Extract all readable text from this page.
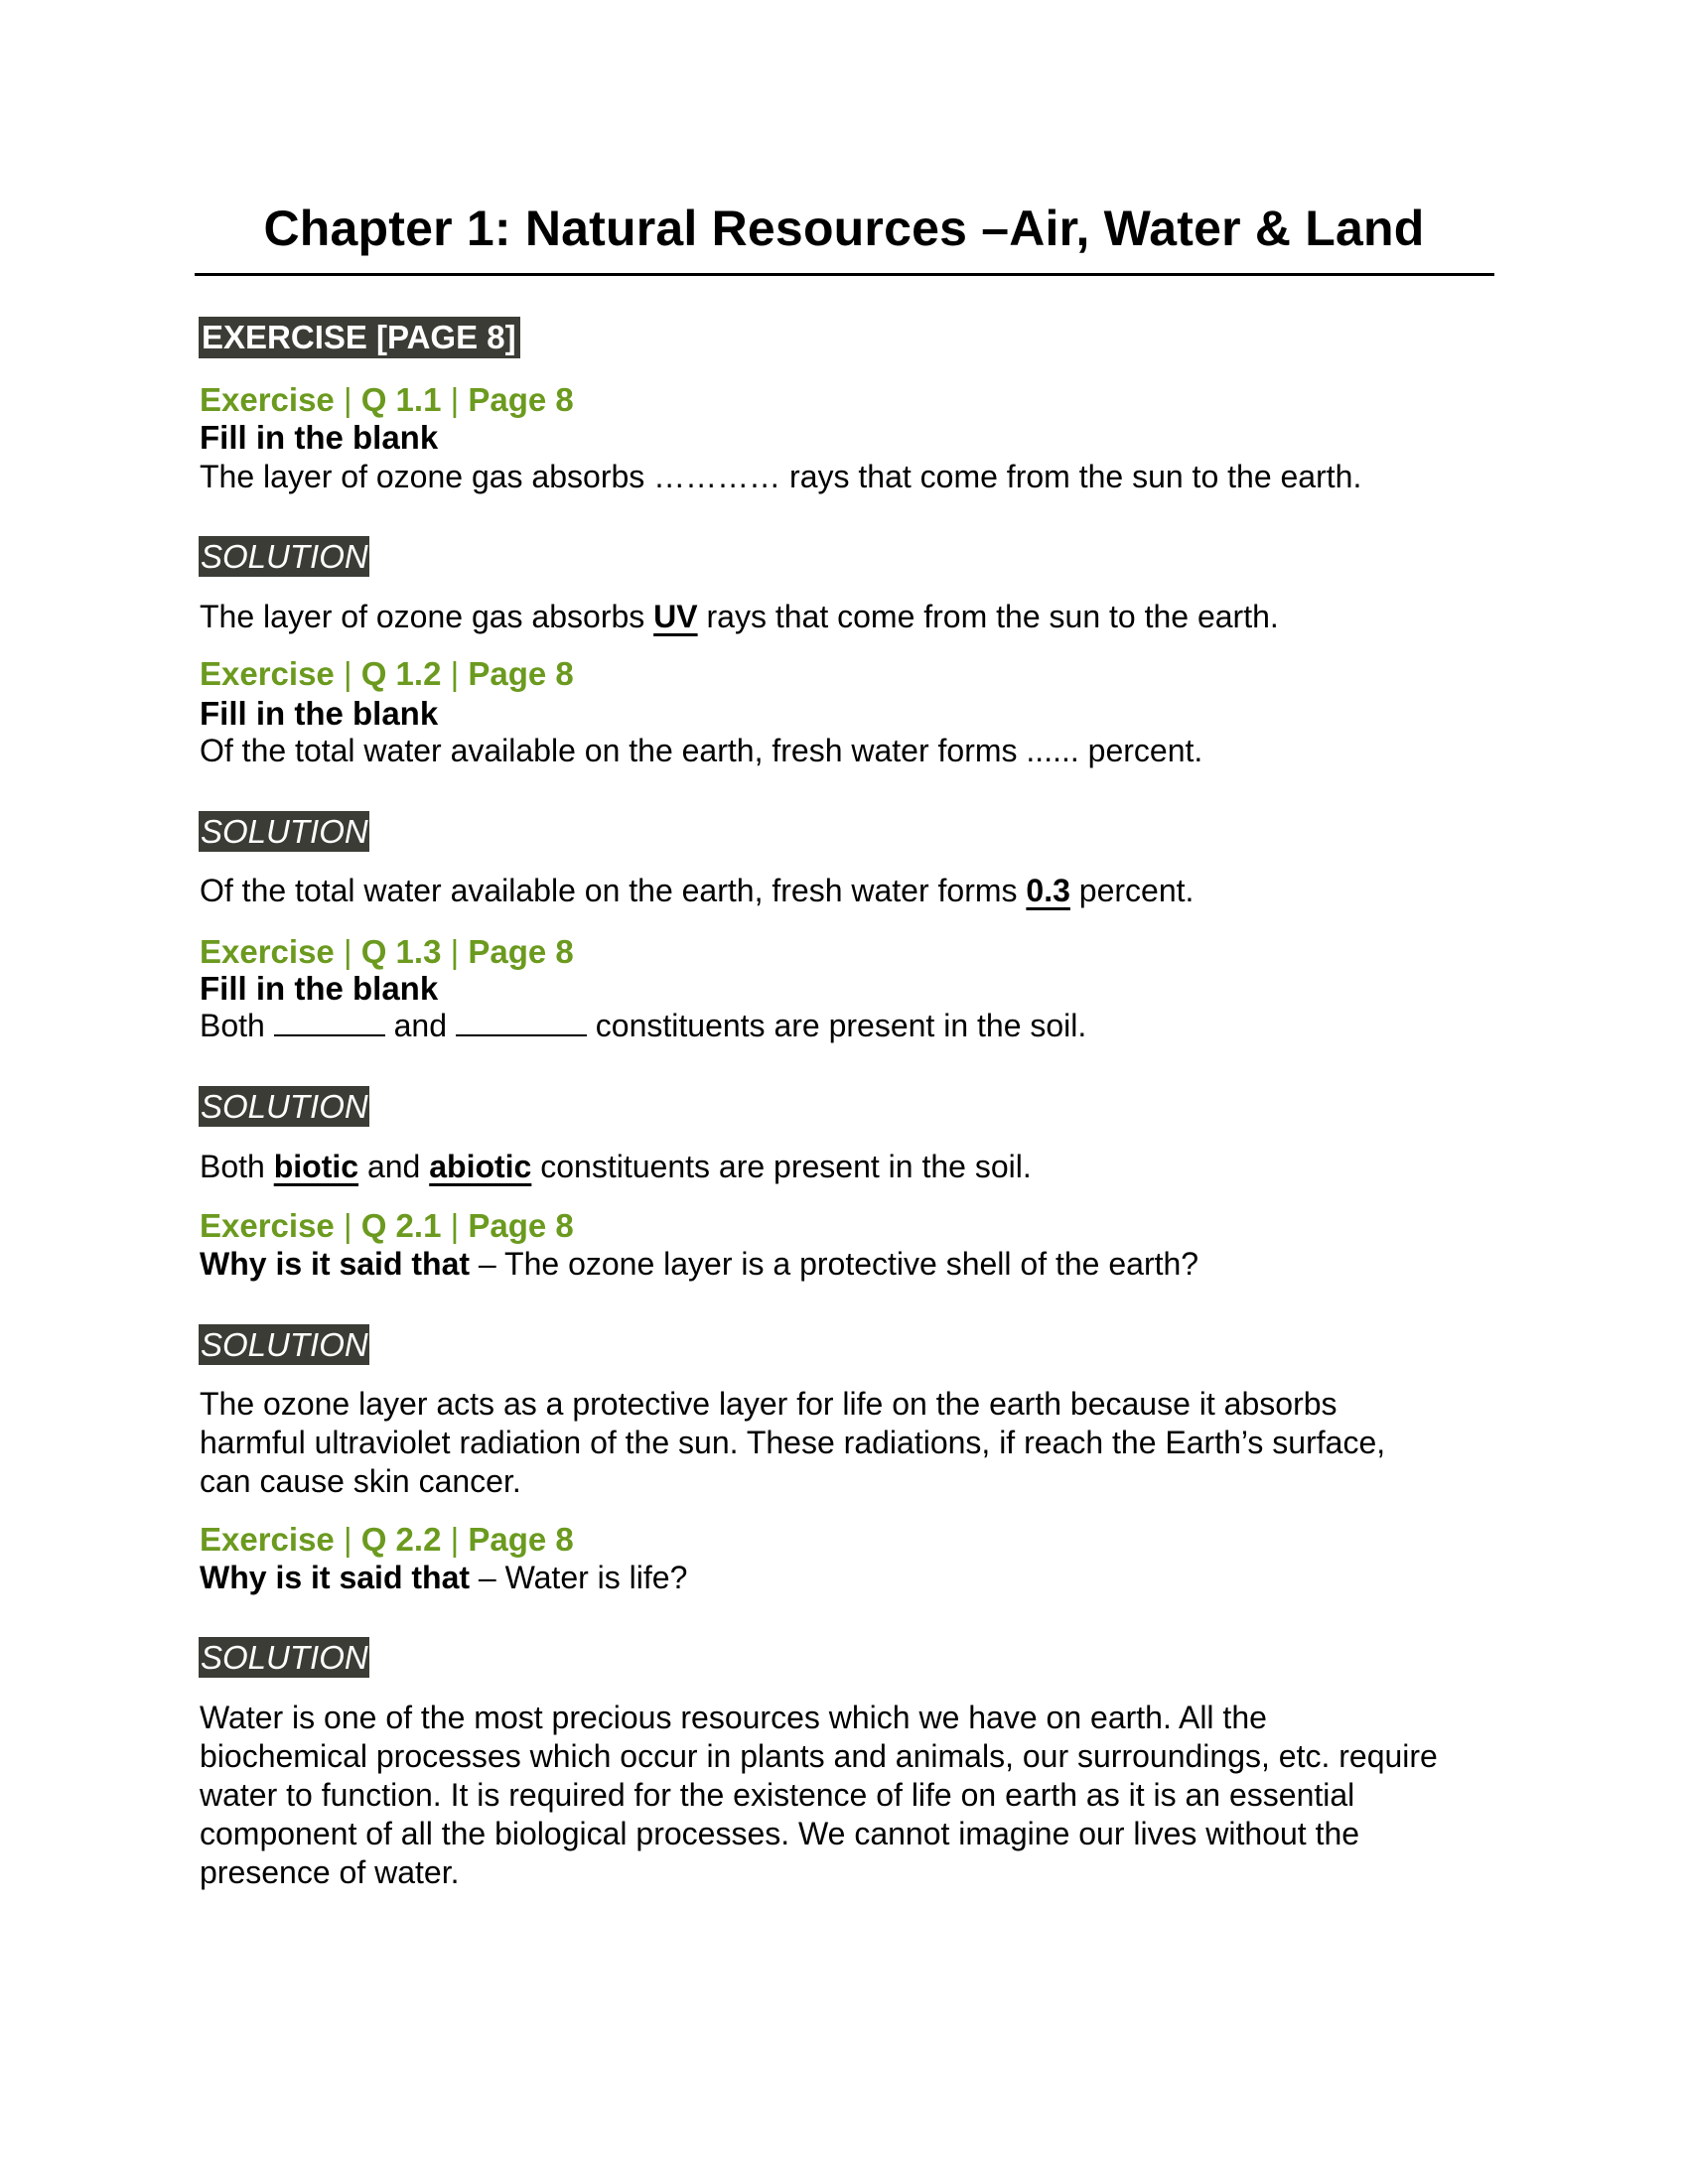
Chapter 1: Natural Resources –Air, Water & Land
EXERCISE [PAGE 8]
Exercise | Q 1.1 | Page 8
Fill in the blank
The layer of ozone gas absorbs ………… rays that come from the sun to the earth.
SOLUTION
The layer of ozone gas absorbs UV rays that come from the sun to the earth.
Exercise | Q 1.2 | Page 8
Fill in the blank
Of the total water available on the earth, fresh water forms ...... percent.
SOLUTION
Of the total water available on the earth, fresh water forms 0.3 percent.
Exercise | Q 1.3 | Page 8
Fill in the blank
Both	and	constituents are present in the soil.
SOLUTION
Both biotic and abiotic constituents are present in the soil.
Exercise | Q 2.1 | Page 8
Why is it said that – The ozone layer is a protective shell of the earth?
SOLUTION
The ozone layer acts as a protective layer for life on the earth because it absorbs
harmful ultraviolet radiation of the sun. These radiations, if reach the Earth’s surface,
can cause skin cancer.
Exercise | Q 2.2 | Page 8
Why is it said that – Water is life?
SOLUTION
Water is one of the most precious resources which we have on earth. All the
biochemical processes which occur in plants and animals, our surroundings, etc. require
water to function. It is required for the existence of life on earth as it is an essential
component of all the biological processes. We cannot imagine our lives without the
presence of water.
